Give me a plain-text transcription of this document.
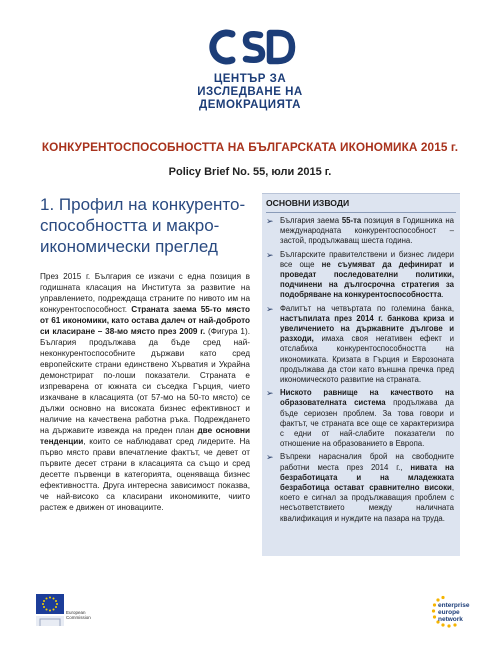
ЦЕНТЪР ЗА
ИЗСЛЕДВАНЕ НА
ДЕМОКРАЦИЯТА
КОНКУРЕНТОСПОСОБНОСТТА НА БЪЛГАРСКАТА ИКОНОМИКА 2015 г.
Policy Brief No. 55, юли 2015 г.
1. Профил на конкуренто-способността и макро-икономически преглед

През 2015 г. България се изкачи с една позиция в годишната класация на Института за развитие на управлението, подреждаща страните по нивото им на конкурентоспособност. Страната заема 55-то място от 61 икономики, като остава далеч от най-доброто си класиране – 38-мо място през 2009 г. (Фигура 1). България продължава да бъде сред най-неконкурентоспособните държави като сред европейските страни единствено Хърватия и Украйна демонстрират по-лоши показатели. Страната е изпреварена от южната си съседка Гърция, чието изкачване в класацията (от 57-мо на 50-то място) се дължи основно на високата бизнес ефективност и наличие на качествена работна ръка. Подреждането на държавите извежда на преден план две основни тенденции, които се наблюдават сред лидерите. На първо място прави впечатление фактът, че девет от първите десет страни в класацията са също и сред десетте първенци в категорията, оценяваща бизнес ефективността. Друга интересна зависимост показва, че най-високо са класирани икономиките, чиито растеж е движен от иновациите.

ОСНОВНИ ИЗВОДИ
➢ България заема 55-та позиция в Годишника на международната конкурентоспособност – застой, продължаващ шеста година.
➢ Българските правителствени и бизнес лидери все още не съумяват да дефинират и проведат последователни политики, подчинени на дългосрочна стратегия за подобряване на конкурентоспособността.
➢ Фалитът на четвъртата по големина банка, настъпилата през 2014 г. банкова криза и увеличението на държавните дългове и разходи, имаха своя негативен ефект и отслабиха конкурентоспособността на икономиката. Кризата в Гърция и Еврозоната продължава да стои като външна пречка пред икономическото развитие на страната.
➢ Ниското равнище на качеството на образователната система продължава да бъде сериозен проблем. За това говори и фактът, че страната все още се характеризира с едни от най-слабите показатели по отношение на образованието в Европа.
➢ Въпреки нарасналия брой на свободните работни места през 2014 г., нивата на безработицата и на младежката безработица остават сравнително високи, което е сигнал за продължаващия проблем с несъответствието между наличната квалификация и нуждите на пазара на труда.
European
Commission
enterprise
europe
network
